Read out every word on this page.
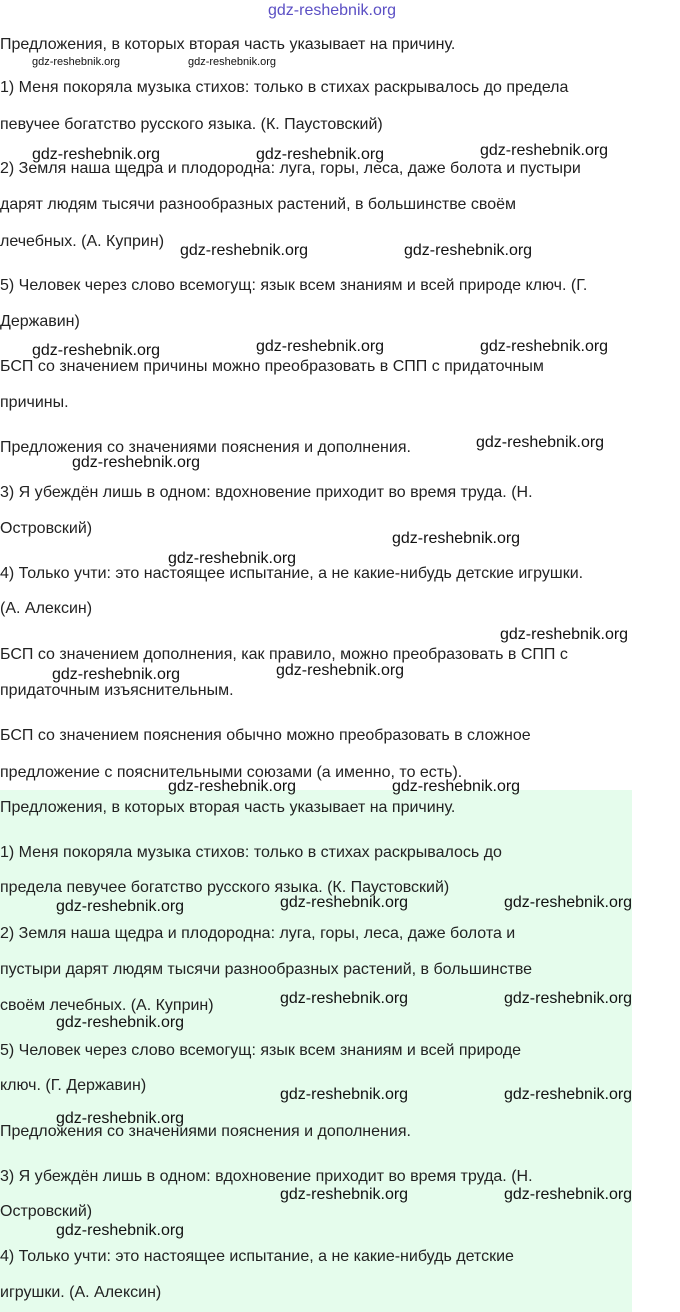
gdz-reshebnik.org
Предложения, в которых вторая часть указывает на причину.
gdz-reshebnik.org	gdz-reshebnik.org
1) Меня покоряла музыка стихов: только в стихах раскрывалось до предела
певучее богатство русского языка. (К. Паустовский)
gdz-reshebnik.org	gdz-reshebnik.org	gdz-reshebnik.org
2) Земля наша щедра и плодородна: луга, горы, леса, даже болота и пустыри
дарят людям тысячи разнообразных растений, в большинстве своём
лечебных. (А. Куприн)
gdz-reshebnik.org	gdz-reshebnik.org
5) Человек через слово всемогущ: язык всем знаниям и всей природе ключ. (Г.
Державин)
gdz-reshebnik.org	gdz-reshebnik.org	gdz-reshebnik.org
БСП со значением причины можно преобразовать в СПП с придаточным
причины.
Предложения со значениями пояснения и дополнения.	gdz-reshebnik.org
gdz-reshebnik.org
3) Я убеждён лишь в одном: вдохновение приходит во время труда. (Н.
Островский)
gdz-reshebnik.org
gdz-reshebnik.org
4) Только учти: это настоящее испытание, а не какие-нибудь детские игрушки.
(А. Алексин)
gdz-reshebnik.org
БСП со значением дополнения, как правило, можно преобразовать в СПП с
gdz-reshebnik.org	gdz-reshebnik.org
придаточным изъяснительным.
БСП со значением пояснения обычно можно преобразовать в сложное
предложение с пояснительными союзами (а именно, то есть).
gdz-reshebnik.org	gdz-reshebnik.org
Предложения, в которых вторая часть указывает на причину.
1) Меня покоряла музыка стихов: только в стихах раскрывалось до
предела певучее богатство русского языка. (К. Паустовский)
gdz-reshebnik.org	gdz-reshebnik.org	gdz-reshebnik.org
2) Земля наша щедра и плодородна: луга, горы, леса, даже болота и
пустыри дарят людям тысячи разнообразных растений, в большинстве
своём лечебных. (А. Куприн)	gdz-reshebnik.org	gdz-reshebnik.org
gdz-reshebnik.org
5) Человек через слово всемогущ: язык всем знаниям и всей природе
ключ. (Г. Державин)
gdz-reshebnik.org	gdz-reshebnik.org
gdz-reshebnik.org
Предложения со значениями пояснения и дополнения.
3) Я убеждён лишь в одном: вдохновение приходит во время труда. (Н.
Островский)
gdz-reshebnik.org	gdz-reshebnik.org
gdz-reshebnik.org
4) Только учти: это настоящее испытание, а не какие-нибудь детские
игрушки. (А. Алексин)
